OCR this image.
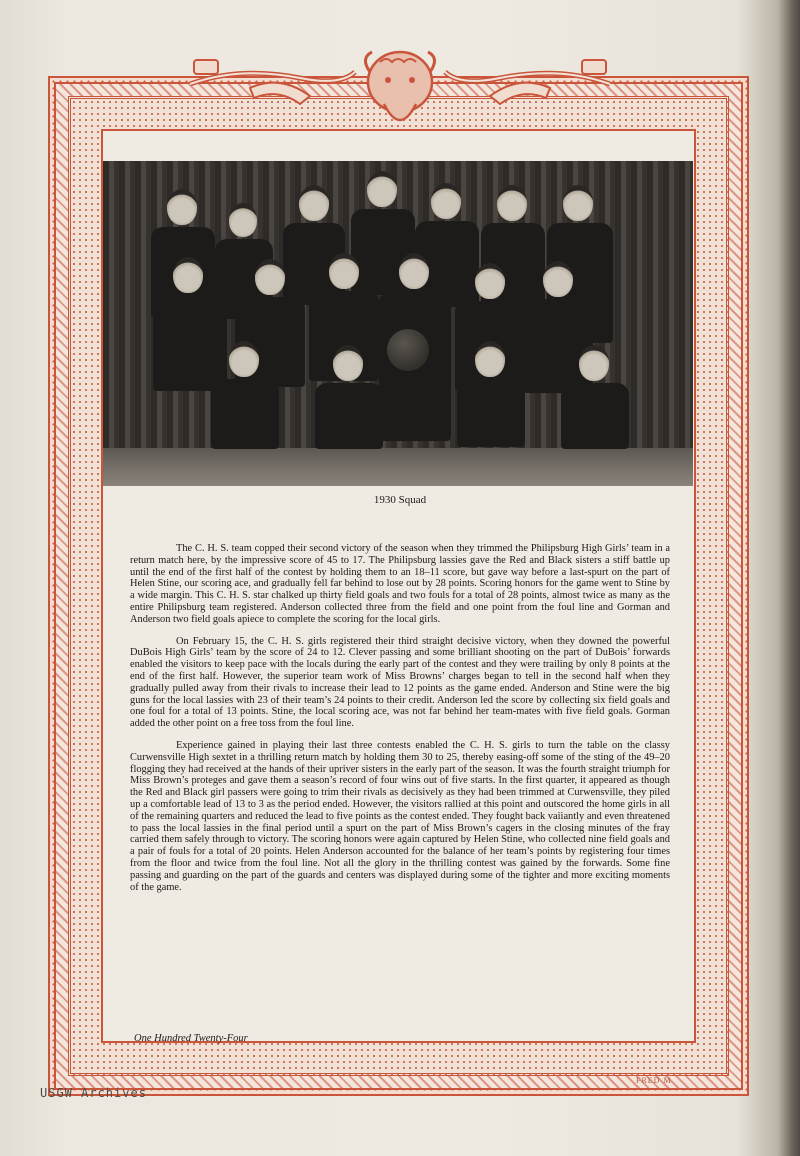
1930 Squad

The C. H. S. team copped their second victory of the season when they trimmed the Philipsburg High Girls’ team in a return match here, by the impressive score of 45 to 17. The Philipsburg lassies gave the Red and Black sisters a stiff battle up until the end of the first half of the contest by holding them to an 18–11 score, but gave way before a last-spurt on the part of Helen Stine, our scoring ace, and gradually fell far behind to lose out by 28 points. Scoring honors for the game went to Stine by a wide margin. This C. H. S. star chalked up thirty field goals and two fouls for a total of 28 points, almost twice as many as the entire Philipsburg team registered. Anderson collected three from the field and one point from the foul line and Gorman and Anderson two field goals apiece to complete the scoring for the local girls.

On February 15, the C. H. S. girls registered their third straight decisive victory, when they downed the powerful DuBois High Girls’ team by the score of 24 to 12. Clever passing and some brilliant shooting on the part of DuBois’ forwards enabled the visitors to keep pace with the locals during the early part of the contest and they were trailing by only 8 points at the end of the first half. However, the superior team work of Miss Browns’ charges began to tell in the second half when they gradually pulled away from their rivals to increase their lead to 12 points as the game ended. Anderson and Stine were the big guns for the local lassies with 23 of their team’s 24 points to their credit. Anderson led the score by collecting six field goals and one foul for a total of 13 points. Stine, the local scoring ace, was not far behind her team-mates with five field goals. Gorman added the other point on a free toss from the foul line.

Experience gained in playing their last three contests enabled the C. H. S. girls to turn the table on the classy Curwensville High sextet in a thrilling return match by holding them 30 to 25, thereby easing-off some of the sting of the 49–20 flogging they had received at the hands of their upriver sisters in the early part of the season. It was the fourth straight triumph for Miss Brown’s proteges and gave them a season’s record of four wins out of five starts. In the first quarter, it appeared as though the Red and Black girl passers were going to trim their rivals as decisively as they had been trimmed at Curwensville, they piled up a comfortable lead of 13 to 3 as the period ended. However, the visitors rallied at this point and outscored the home girls in all of the remaining quarters and reduced the lead to five points as the contest ended. They fought back vaiiantly and even threatened to pass the local lassies in the final period until a spurt on the part of Miss Brown’s cagers in the closing minutes of the fray carried them safely through to victory. The scoring honors were again captured by Helen Stine, who collected nine field goals and a pair of fouls for a total of 20 points. Helen Anderson accounted for the balance of her team’s points by registering four times from the floor and twice from the foul line. Not all the glory in the thrilling contest was gained by the forwards. Some fine passing and guarding on the part of the guards and centers was displayed during some of the tighter and more exciting moments of the game.

One Hundred Twenty-Four
FRED M
USGW Archives
